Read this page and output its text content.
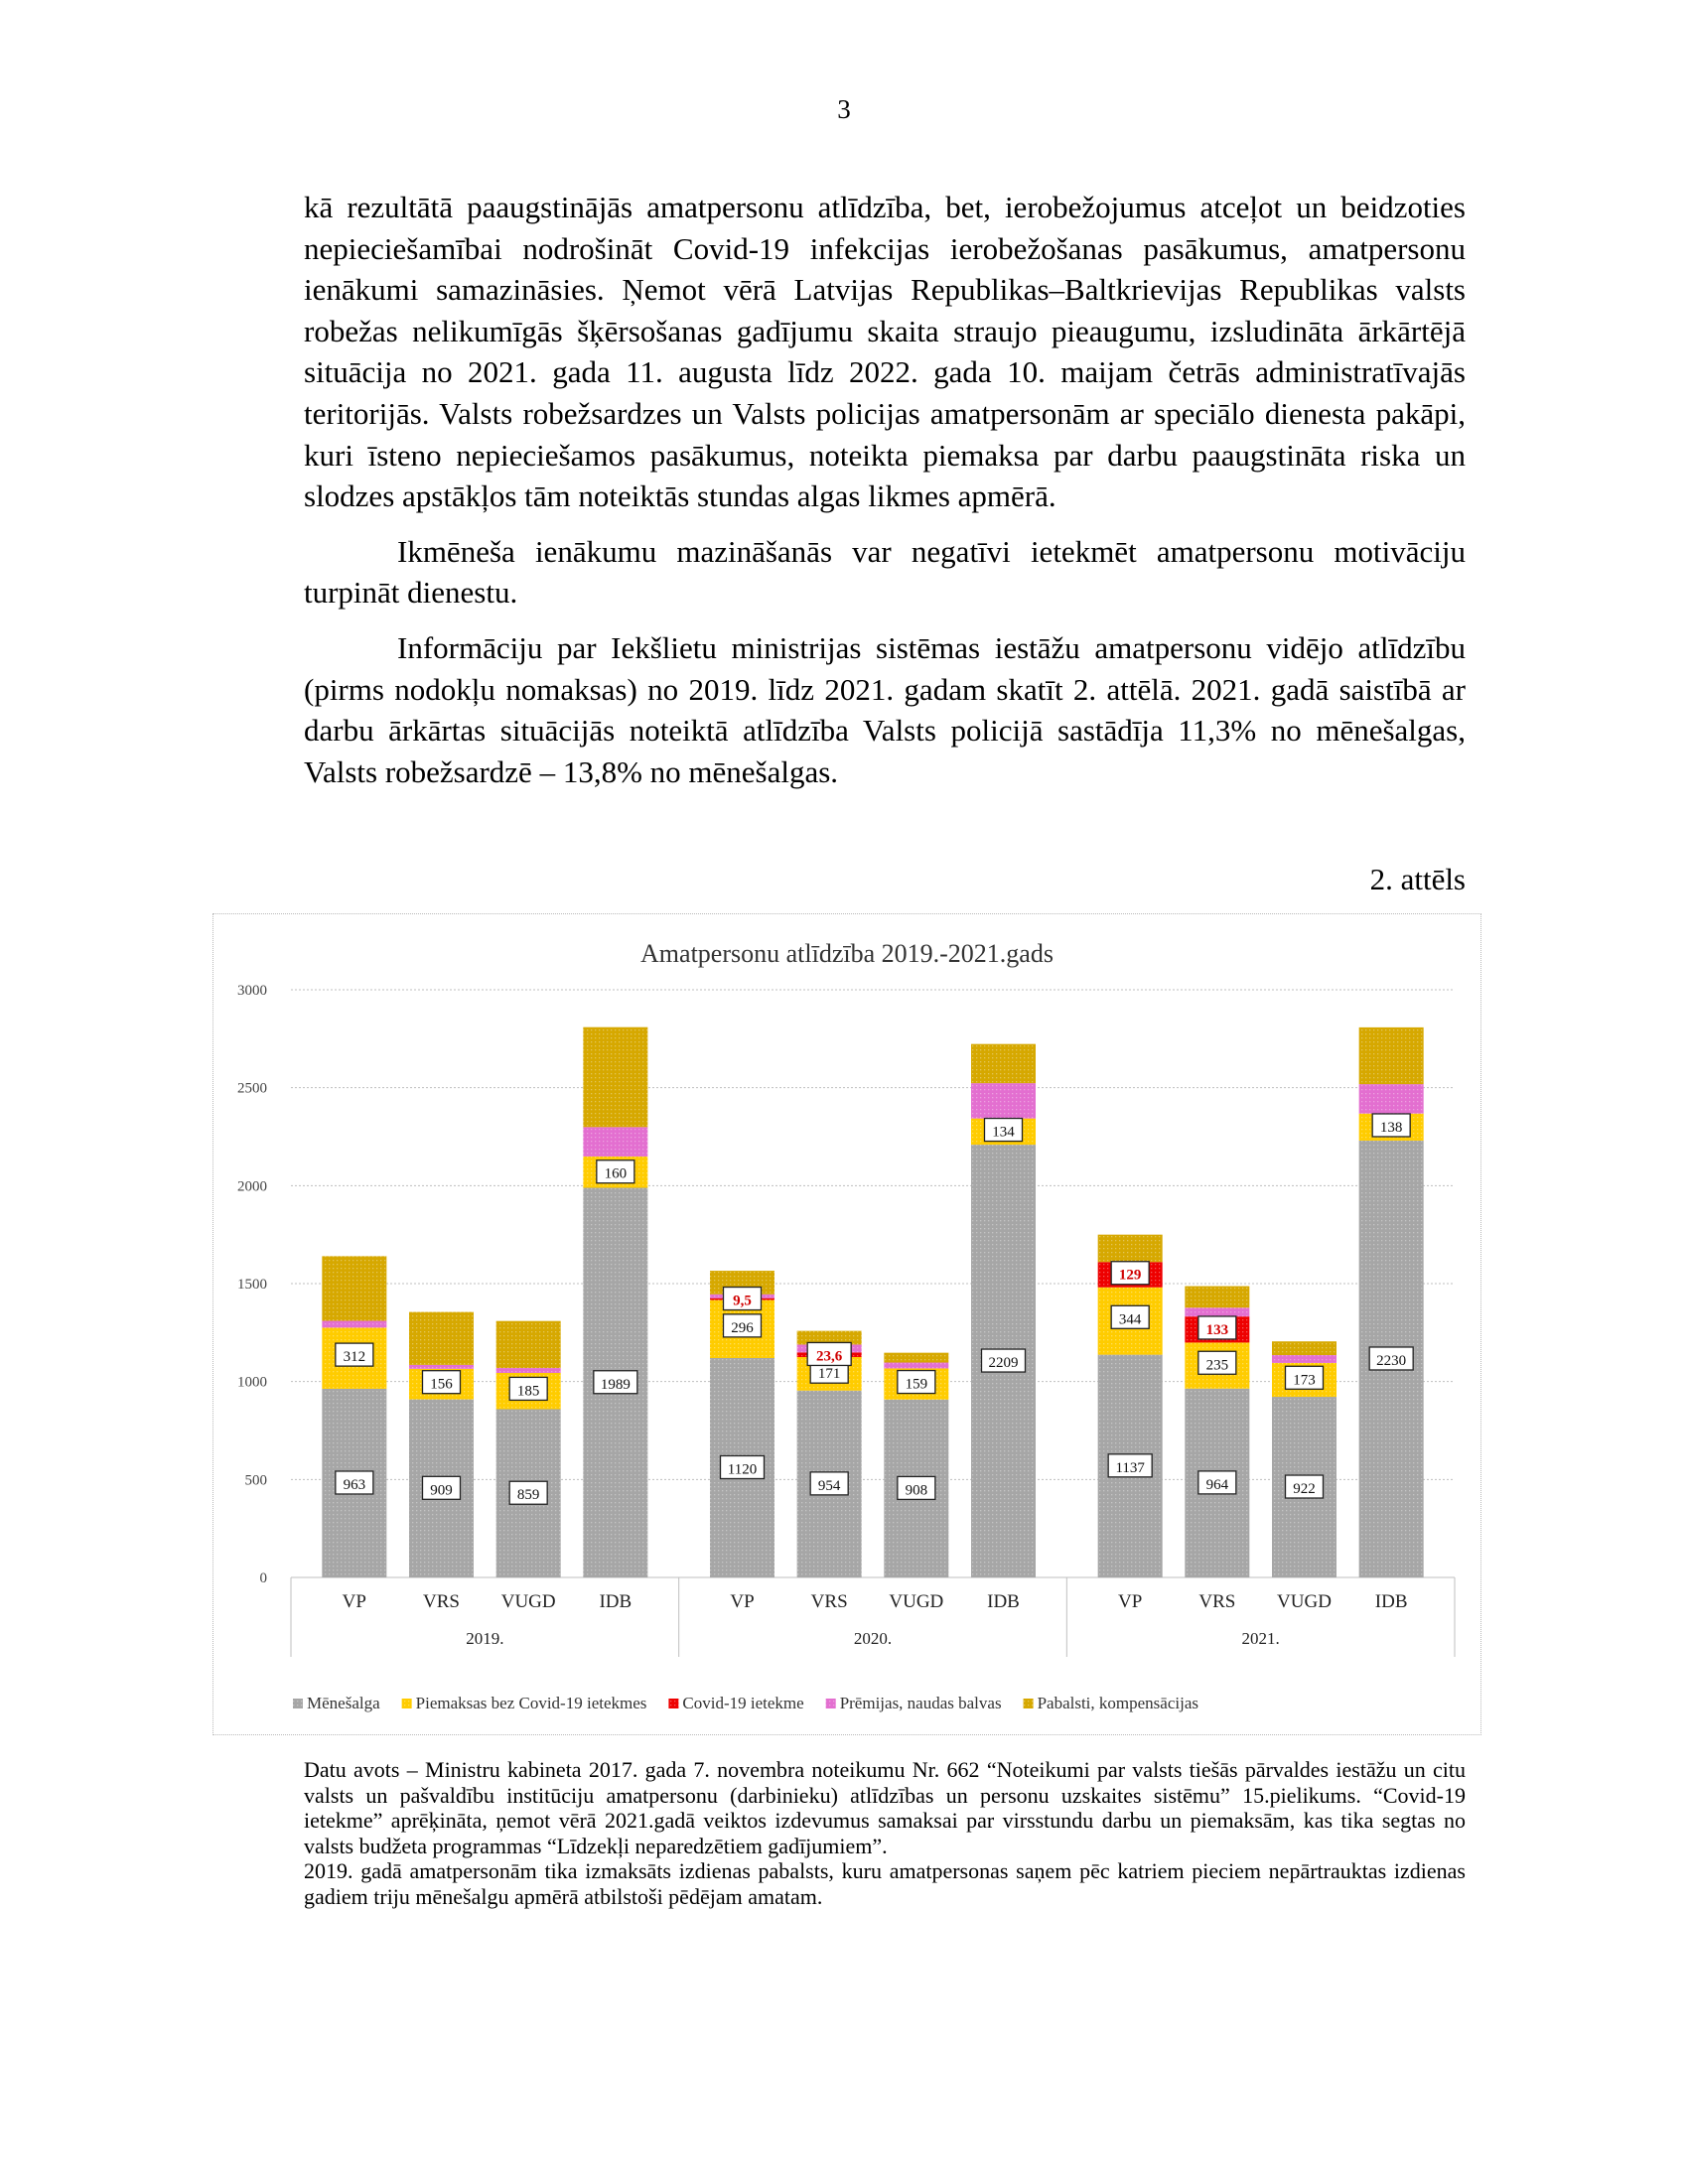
3

kā rezultātā paaugstinājās amatpersonu atlīdzība, bet, ierobežojumus atceļot un beidzoties nepieciešamībai nodrošināt Covid-19 infekcijas ierobežošanas pasākumus, amatpersonu ienākumi samazināsies. Ņemot vērā Latvijas Republikas–Baltkrievijas Republikas valsts robežas nelikumīgās šķērsošanas gadījumu skaita straujo pieaugumu, izsludināta ārkārtējā situācija no 2021. gada 11. augusta līdz 2022. gada 10. maijam četrās administratīvajās teritorijās. Valsts robežsardzes un Valsts policijas amatpersonām ar speciālo dienesta pakāpi, kuri īsteno nepieciešamos pasākumus, noteikta piemaksa par darbu paaugstināta riska un slodzes apstākļos tām noteiktās stundas algas likmes apmērā.

Ikmēneša ienākumu mazināšanās var negatīvi ietekmēt amatpersonu motivāciju turpināt dienestu.

Informāciju par Iekšlietu ministrijas sistēmas iestāžu amatpersonu vidējo atlīdzību (pirms nodokļu nomaksas) no 2019. līdz 2021. gadam skatīt 2. attēlā. 2021. gadā saistībā ar darbu ārkārtas situācijās noteiktā atlīdzība Valsts policijā sastādīja 11,3% no mēnešalgas, Valsts robežsardzē – 13,8% no mēnešalgas.

2. attēls
Amatpersonu atlīdzība 2019.-2021.gads
0
500
1000
1500
2000
2500
3000
963
312
VP
909
156
VRS
859
185
VUGD
1989
160
IDB
2019.
1120
296
9,5
VP
954
171
23,6
VRS
908
159
VUGD
2209
134
IDB
2020.
1137
344
129
VP
964
235
133
VRS
922
173
VUGD
2230
138
IDB
2021.
Mēnešalga Piemaksas bez Covid-19 ietekmes Covid-19 ietekme Prēmijas, naudas balvas Pabalsti, kompensācijas

Datu avots – Ministru kabineta 2017. gada 7. novembra noteikumu Nr. 662 “Noteikumi par valsts tiešās pārvaldes iestāžu un citu valsts un pašvaldību institūciju amatpersonu (darbinieku) atlīdzības un personu uzskaites sistēmu” 15.pielikums. “Covid-19 ietekme” aprēķināta, ņemot vērā 2021.gadā veiktos izdevumus samaksai par virsstundu darbu un piemaksām, kas tika segtas no valsts budžeta programmas “Līdzekļi neparedzētiem gadījumiem”.

2019. gadā amatpersonām tika izmaksāts izdienas pabalsts, kuru amatpersonas saņem pēc katriem pieciem nepārtrauktas izdienas gadiem triju mēnešalgu apmērā atbilstoši pēdējam amatam.
